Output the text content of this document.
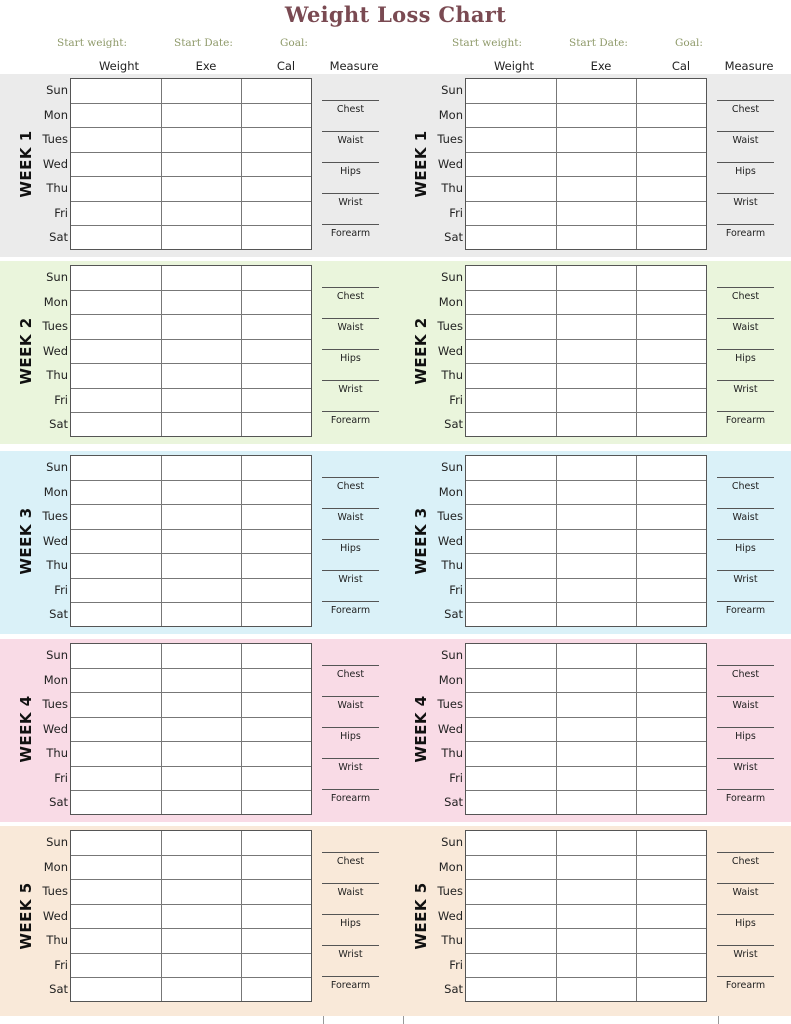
Weight Loss Chart
Start weight:	Start Date:	Goal:
Weight	Exe	Cal	Measure
Start weight:	Start Date:	Goal:
Weight	Exe	Cal	Measure
WEEK 1
Sun
Mon
Tues
Wed
Thu
Fri
Sat
Chest
Waist
Hips
Wrist
Forearm
WEEK 1
Sun
Mon
Tues
Wed
Thu
Fri
Sat
Chest
Waist
Hips
Wrist
Forearm
WEEK 2
Sun
Mon
Tues
Wed
Thu
Fri
Sat
Chest
Waist
Hips
Wrist
Forearm
WEEK 2
Sun
Mon
Tues
Wed
Thu
Fri
Sat
Chest
Waist
Hips
Wrist
Forearm
WEEK 3
Sun
Mon
Tues
Wed
Thu
Fri
Sat
Chest
Waist
Hips
Wrist
Forearm
WEEK 3
Sun
Mon
Tues
Wed
Thu
Fri
Sat
Chest
Waist
Hips
Wrist
Forearm
WEEK 4
Sun
Mon
Tues
Wed
Thu
Fri
Sat
Chest
Waist
Hips
Wrist
Forearm
WEEK 4
Sun
Mon
Tues
Wed
Thu
Fri
Sat
Chest
Waist
Hips
Wrist
Forearm
WEEK 5
Sun
Mon
Tues
Wed
Thu
Fri
Sat
Chest
Waist
Hips
Wrist
Forearm
WEEK 5
Sun
Mon
Tues
Wed
Thu
Fri
Sat
Chest
Waist
Hips
Wrist
Forearm
